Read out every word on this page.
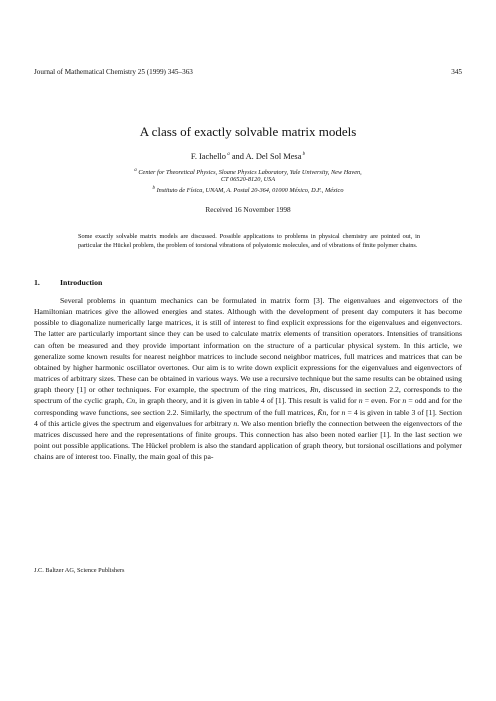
Journal of Mathematical Chemistry 25 (1999) 345–363	345
A class of exactly solvable matrix models
F. Iachello $^a$ and A. Del Sol Mesa $^b$
$^a$ Center for Theoretical Physics, Sloane Physics Laboratory, Yale University, New Haven,
CT 06520-8120, USA
$^b$ Instituto de Física, UNAM, A. Postal 20-364, 01000 México, D.F., México
Received 16 November 1998
Some exactly solvable matrix models are discussed. Possible applications to problems in physical chemistry are pointed out, in particular the Hückel problem, the problem of torsional vibrations of polyatomic molecules, and of vibrations of finite polymer chains.
1.	Introduction

Several problems in quantum mechanics can be formulated in matrix form [3]. The eigenvalues and eigenvectors of the Hamiltonian matrices give the allowed energies and states. Although with the development of present day computers it has become possible to diagonalize numerically large matrices, it is still of interest to find explicit expressions for the eigenvalues and eigenvectors. The latter are particularly important since they can be used to calculate matrix elements of transition operators. Intensities of transitions can often be measured and they provide important information on the structure of a particular physical system. In this article, we generalize some known results for nearest neighbor matrices to include second neighbor matrices, full matrices and matrices that can be obtained by higher harmonic oscillator overtones. Our aim is to write down explicit expressions for the eigenvalues and eigenvectors of matrices of arbitrary sizes. These can be obtained in various ways. We use a recursive technique but the same results can be obtained using graph theory [1] or other techniques. For example, the spectrum of the ring matrices, Rn, discussed in section 2.2, corresponds to the spectrum of the cyclic graph, Cn, in graph theory, and it is given in table 4 of [1]. This result is valid for n = even. For n = odd and for the corresponding wave functions, see section 2.2. Similarly, the spectrum of the full matrices, K̄n, for n = 4 is given in table 3 of [1]. Section 4 of this article gives the spectrum and eigenvalues for arbitrary n. We also mention briefly the connection between the eigenvectors of the matrices discussed here and the representations of finite groups. This connection has also been noted earlier [1]. In the last section we point out possible applications. The Hückel problem is also the standard application of graph theory, but torsional oscillations and polymer chains are of interest too. Finally, the main goal of this pa-

J.C. Baltzer AG, Science Publishers
